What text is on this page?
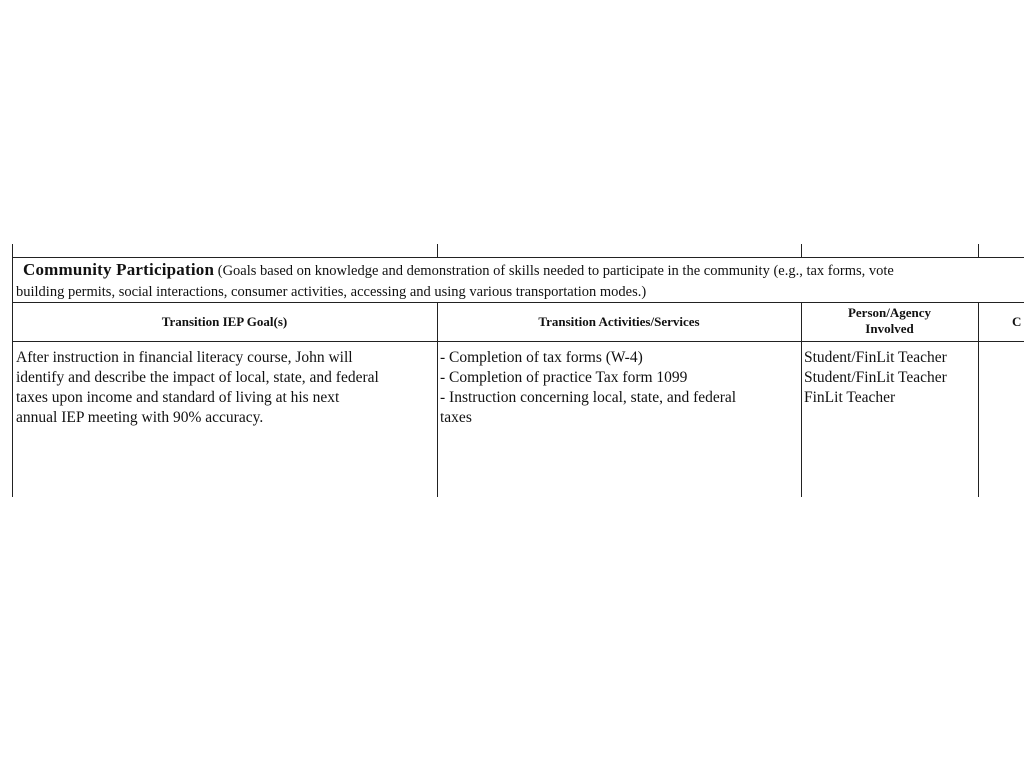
Community Participation (Goals based on knowledge and demonstration of skills needed to participate in the community (e.g., tax forms, vote
building permits, social interactions, consumer activities, accessing and using various transportation modes.)
Transition IEP Goal(s)	Transition Activities/Services
Person/Agency
Involved	C
After instruction in financial literacy course, John will
identify and describe the impact of local, state, and federal
taxes upon income and standard of living at his next
annual IEP meeting with 90% accuracy.
- Completion of tax forms (W-4)
- Completion of practice Tax form 1099
- Instruction concerning local, state, and federal
taxes
Student/FinLit Teacher
Student/FinLit Teacher
FinLit Teacher
